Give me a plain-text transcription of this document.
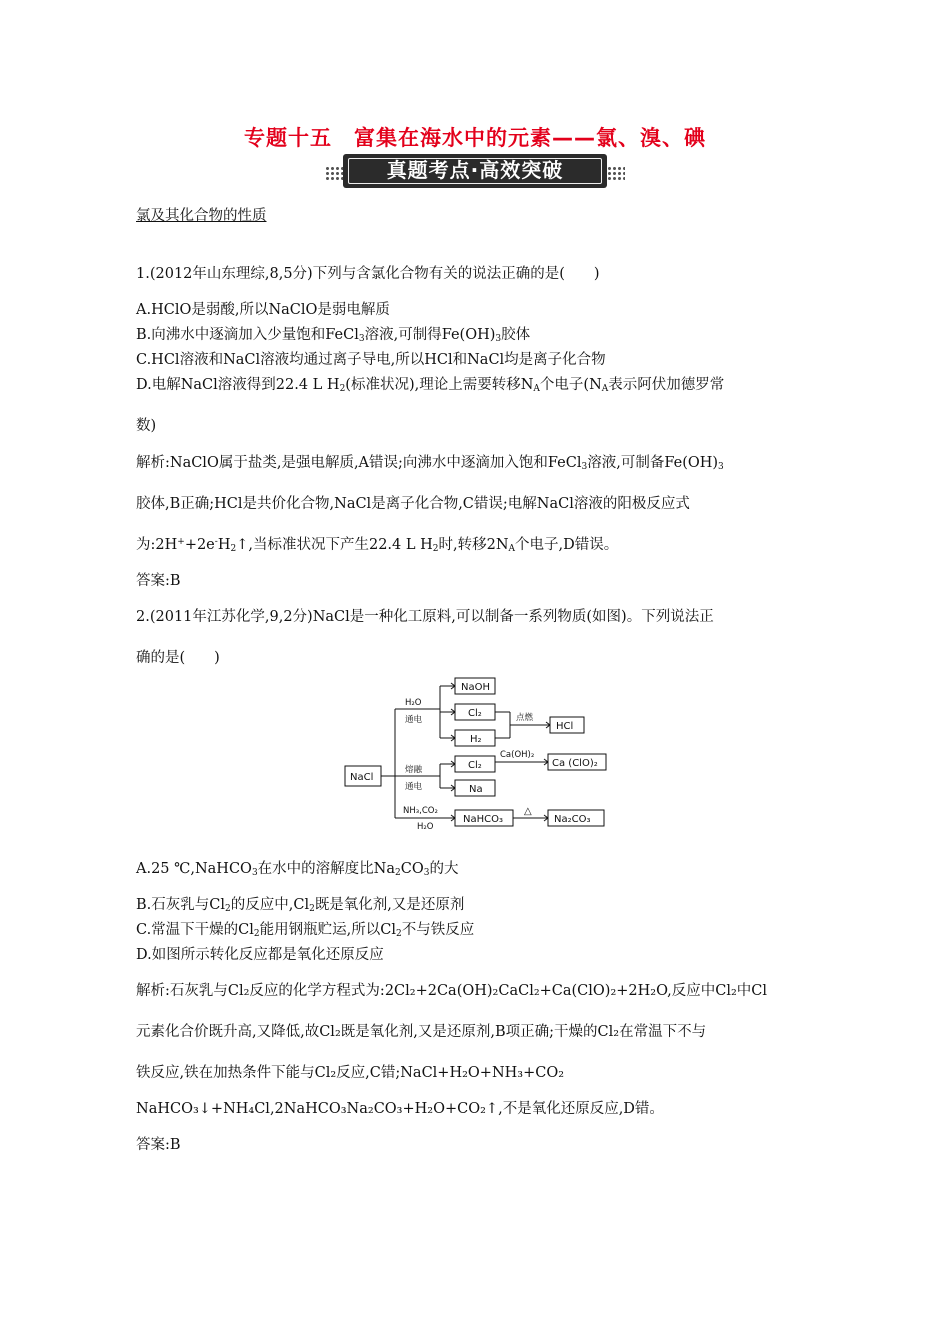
专题十五　富集在海水中的元素——氯、溴、碘
真题考点·高效突破
氯及其化合物的性质
1.(2012年山东理综,8,5分)下列与含氯化合物有关的说法正确的是(　　)
A.HClO是弱酸,所以NaClO是弱电解质
B.向沸水中逐滴加入少量饱和FeCl$_3$溶液,可制得$Fe(OH)_3$胶体
C.HCl溶液和NaCl溶液均通过离子导电,所以HCl和NaCl均是离子化合物
D.电解NaCl溶液得到22.4 L $H_2$(标准状况),理论上需要转移$N_A$个电子($N_A$表示阿伏加德罗常
数)
解析:NaClO属于盐类,是强电解质,A错误;向沸水中逐滴加入饱和FeCl$_3$溶液,可制备$Fe(OH)_3$
胶体,B正确;HCl是共价化合物,NaCl是离子化合物,C错误;电解NaCl溶液的阳极反应式
为$:2H^++2e^-H_2↑$,当标准状况下产生22.4 L $H_2$时,转移$2N_A$个电子,D错误。
答案:B
2.(2011年江苏化学,9,2分)NaCl是一种化工原料,可以制备一系列物质(如图)。下列说法正
确的是(　　)
NaCl
H₂O
通电
NaOH
Cl₂
H₂
点燃
HCl
熔融
通电
Cl₂
Na
Ca(OH)₂
Ca (ClO)₂
NH₃,CO₂
H₂O
NaHCO₃
△
Na₂CO₃
A.25 ℃,NaHCO$_3$在水中的溶解度比$Na_2CO_3$的大
B.石灰乳与$Cl_2$的反应中$,Cl_2$既是氧化剂,又是还原剂
C.常温下干燥的$Cl_2$能用钢瓶贮运,所以$Cl_2$不与铁反应
D.如图所示转化反应都是氧化还原反应
解析:石灰乳与Cl₂反应的化学方程式为:2Cl₂+2Ca(OH)₂CaCl₂+Ca(ClO)₂+2H₂O,反应中Cl₂中Cl
元素化合价既升高,又降低,故Cl₂既是氧化剂,又是还原剂,B项正确;干燥的Cl₂在常温下不与
铁反应,铁在加热条件下能与Cl₂反应,C错;NaCl+H₂O+NH₃+CO₂
NaHCO₃↓+NH₄Cl,2NaHCO₃Na₂CO₃+H₂O+CO₂↑,不是氧化还原反应,D错。
答案:B
